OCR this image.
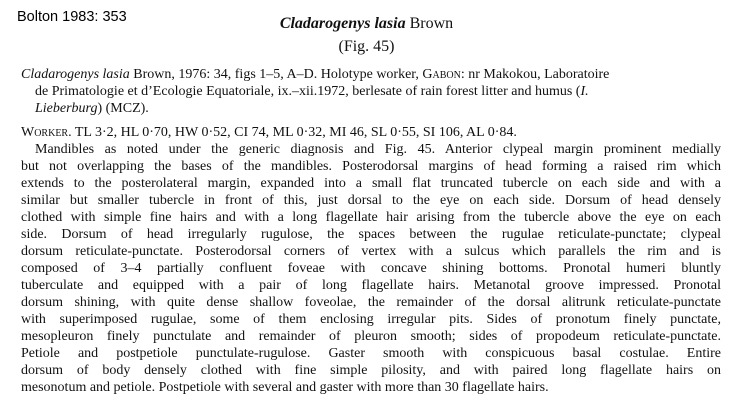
Bolton 1983: 353	Cladarogenys lasia Brown
(Fig. 45)
Cladarogenys lasia Brown, 1976: 34, figs 1–5, A–D. Holotype worker, Gabon: nr Makokou, Laboratoire
de Primatologie et d’Ecologie Equatoriale, ix.–xii.1972, berlesate of rain forest litter and humus (I.
Lieberburg) (MCZ).
Worker. TL 3·2, HL 0·70, HW 0·52, CI 74, ML 0·32, MI 46, SL 0·55, SI 106, AL 0·84.
Mandibles as noted under the generic diagnosis and Fig. 45. Anterior clypeal margin prominent medially
but not overlapping the bases of the mandibles. Posterodorsal margins of head forming a raised rim which
extends to the posterolateral margin, expanded into a small flat truncated tubercle on each side and with a
similar but smaller tubercle in front of this, just dorsal to the eye on each side. Dorsum of head densely
clothed with simple fine hairs and with a long flagellate hair arising from the tubercle above the eye on each
side. Dorsum of head irregularly rugulose, the spaces between the rugulae reticulate-punctate; clypeal
dorsum reticulate-punctate. Posterodorsal corners of vertex with a sulcus which parallels the rim and is
composed of 3–4 partially confluent foveae with concave shining bottoms. Pronotal humeri bluntly
tuberculate and equipped with a pair of long flagellate hairs. Metanotal groove impressed. Pronotal
dorsum shining, with quite dense shallow foveolae, the remainder of the dorsal alitrunk reticulate-punctate
with superimposed rugulae, some of them enclosing irregular pits. Sides of pronotum finely punctate,
mesopleuron finely punctulate and remainder of pleuron smooth; sides of propodeum reticulate-punctate.
Petiole and postpetiole punctulate-rugulose. Gaster smooth with conspicuous basal costulae. Entire
dorsum of body densely clothed with fine simple pilosity, and with paired long flagellate hairs on
mesonotum and petiole. Postpetiole with several and gaster with more than 30 flagellate hairs.
